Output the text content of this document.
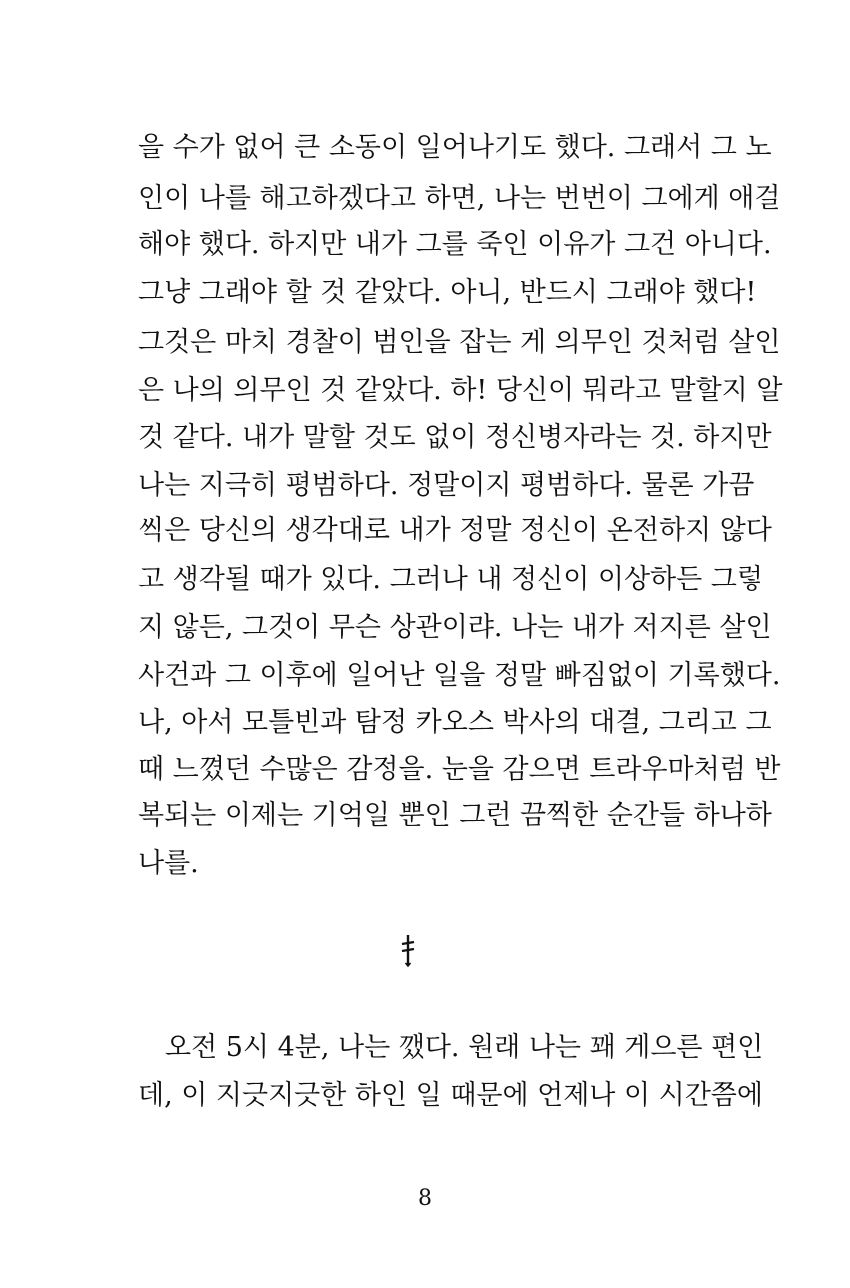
을 수가 없어 큰 소동이 일어나기도 했다. 그래서 그 노
인이 나를 해고하겠다고 하면, 나는 번번이 그에게 애걸
해야 했다. 하지만 내가 그를 죽인 이유가 그건 아니다.
그냥 그래야 할 것 같았다. 아니, 반드시 그래야 했다!
그것은 마치 경찰이 범인을 잡는 게 의무인 것처럼 살인
은 나의 의무인 것 같았다. 하! 당신이 뭐라고 말할지 알
것 같다. 내가 말할 것도 없이 정신병자라는 것. 하지만
나는 지극히 평범하다. 정말이지 평범하다. 물론 가끔
씩은 당신의 생각대로 내가 정말 정신이 온전하지 않다
고 생각될 때가 있다. 그러나 내 정신이 이상하든 그렇
지 않든, 그것이 무슨 상관이랴. 나는 내가 저지른 살인
사건과 그 이후에 일어난 일을 정말 빠짐없이 기록했다.
나, 아서 모틀빈과 탐정 카오스 박사의 대결, 그리고 그
때 느꼈던 수많은 감정을. 눈을 감으면 트라우마처럼 반
복되는 이제는 기억일 뿐인 그런 끔찍한 순간들 하나하
나를.
오전 5시 4분, 나는 깼다. 원래 나는 꽤 게으른 편인
데, 이 지긋지긋한 하인 일 때문에 언제나 이 시간쯤에
8
